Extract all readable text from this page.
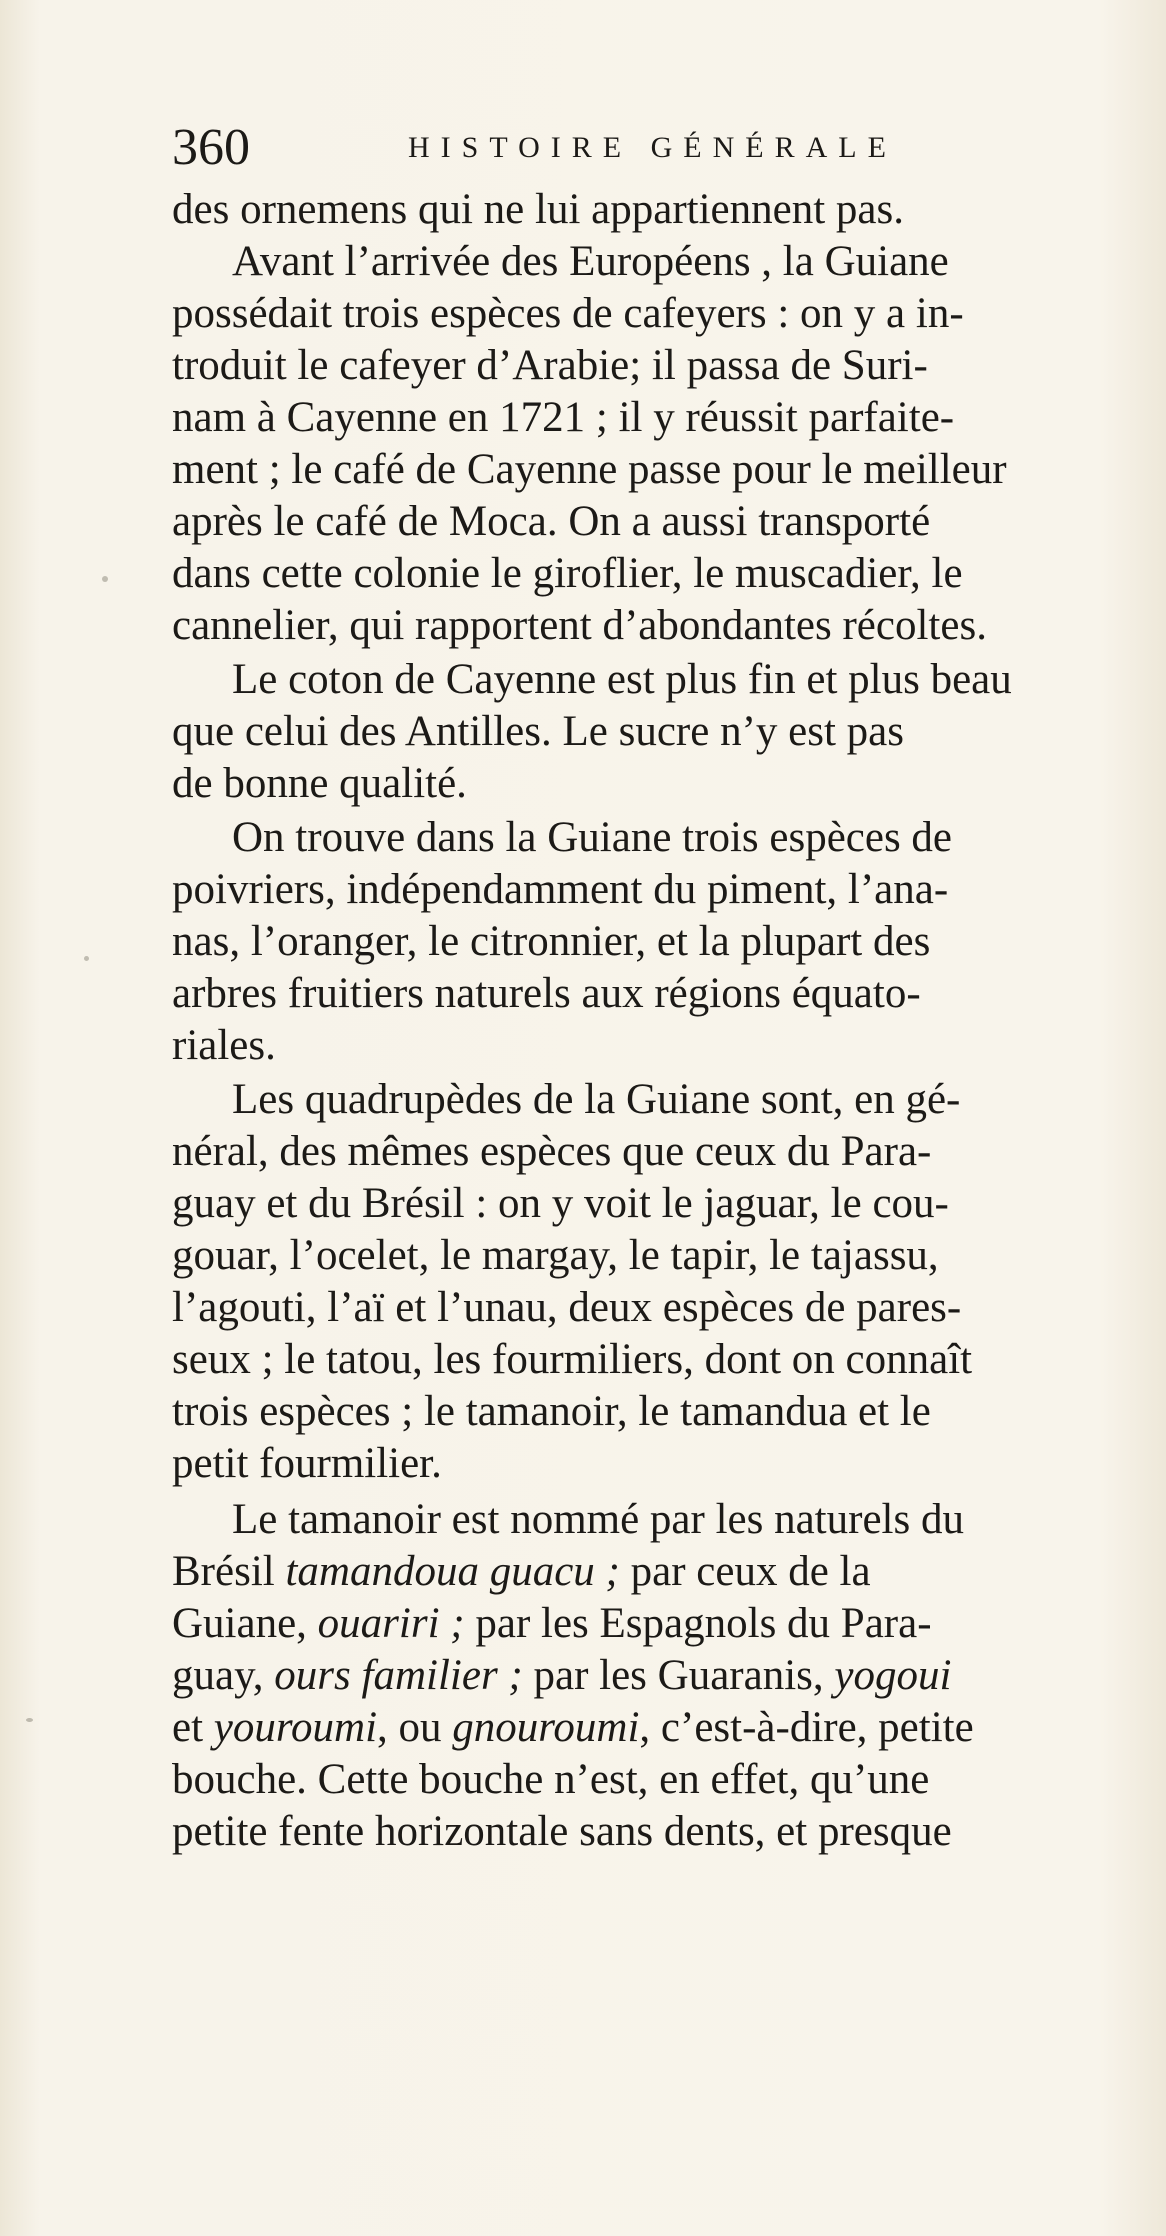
360	HISTOIRE GÉNÉRALE
des ornemens qui ne lui appartiennent pas.
Avant l’arrivée des Européens , la Guiane
possédait trois espèces de cafeyers : on y a in-
troduit le cafeyer d’Arabie; il passa de Suri-
nam à Cayenne en 1721 ; il y réussit parfaite-
ment ; le café de Cayenne passe pour le meilleur
après le café de Moca. On a aussi transporté
dans cette colonie le giroflier, le muscadier, le
cannelier, qui rapportent d’abondantes récoltes.
Le coton de Cayenne est plus fin et plus beau
que celui des Antilles. Le sucre n’y est pas
de bonne qualité.
On trouve dans la Guiane trois espèces de
poivriers, indépendamment du piment, l’ana-
nas, l’oranger, le citronnier, et la plupart des
arbres fruitiers naturels aux régions équato-
riales.
Les quadrupèdes de la Guiane sont, en gé-
néral, des mêmes espèces que ceux du Para-
guay et du Brésil : on y voit le jaguar, le cou-
gouar, l’ocelet, le margay, le tapir, le tajassu,
l’agouti, l’aï et l’unau, deux espèces de pares-
seux ; le tatou, les fourmiliers, dont on connaît
trois espèces ; le tamanoir, le tamandua et le
petit fourmilier.
Le tamanoir est nommé par les naturels du
Brésil tamandoua guacu ; par ceux de la
Guiane, ouariri ; par les Espagnols du Para-
guay, ours familier ; par les Guaranis, yogoui
et youroumi, ou gnouroumi, c’est-à-dire, petite
bouche. Cette bouche n’est, en effet, qu’une
petite fente horizontale sans dents, et presque
